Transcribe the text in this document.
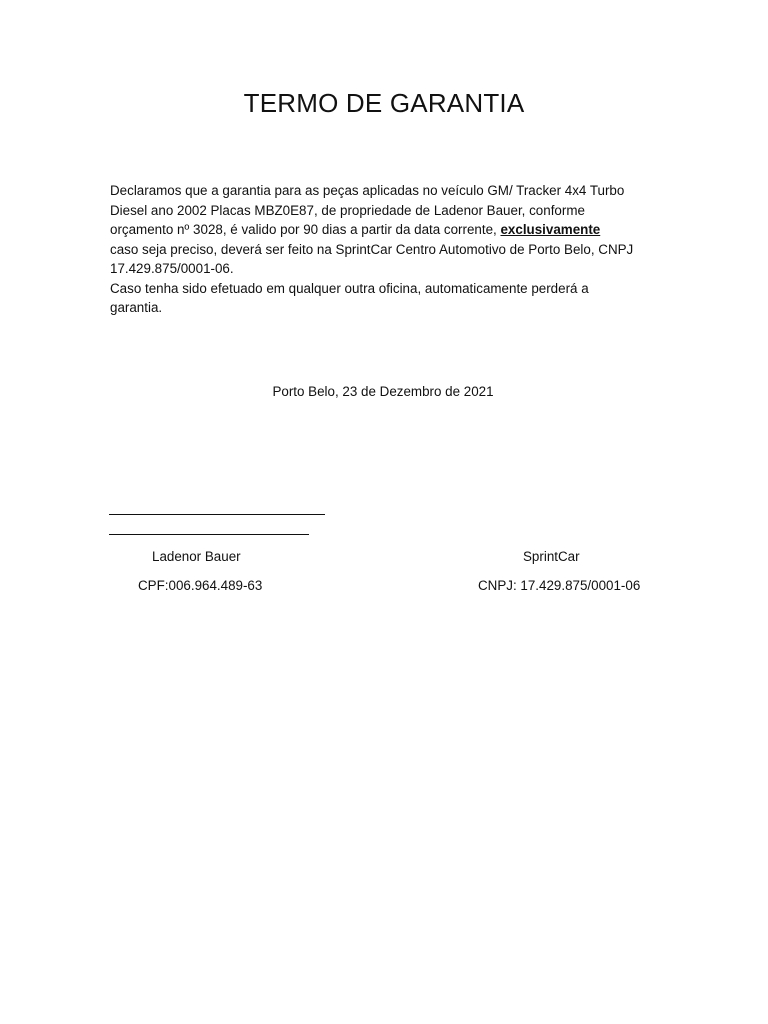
TERMO DE GARANTIA
Declaramos que a garantia para as peças aplicadas no veículo GM/ Tracker 4x4 Turbo
Diesel ano 2002 Placas MBZ0E87, de propriedade de Ladenor Bauer, conforme
orçamento nº 3028, é valido por 90 dias a partir da data corrente, exclusivamente
caso seja preciso, deverá ser feito na SprintCar Centro Automotivo de Porto Belo, CNPJ
17.429.875/0001-06.
Caso tenha sido efetuado em qualquer outra oficina, automaticamente perderá a
garantia.
Porto Belo, 23 de Dezembro de 2021
Ladenor Bauer	SprintCar
CPF:006.964.489-63	CNPJ: 17.429.875/0001-06
